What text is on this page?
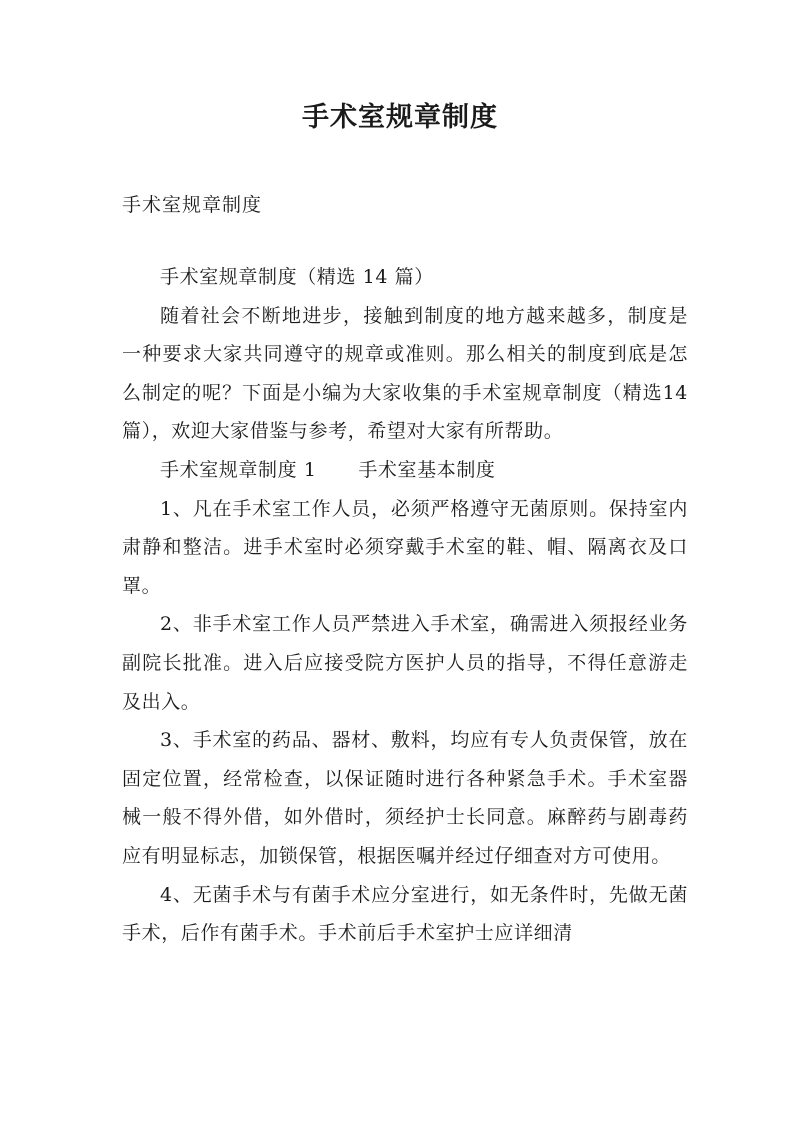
手术室规章制度
手术室规章制度

手术室规章制度（精选 14 篇）

随着社会不断地进步，接触到制度的地方越来越多，制度是一种要求大家共同遵守的规章或准则。那么相关的制度到底是怎么制定的呢？下面是小编为大家收集的手术室规章制度（精选14 篇），欢迎大家借鉴与参考，希望对大家有所帮助。

手术室规章制度 1 手术室基本制度

1、凡在手术室工作人员，必须严格遵守无菌原则。保持室内肃静和整洁。进手术室时必须穿戴手术室的鞋、帽、隔离衣及口罩。

2、非手术室工作人员严禁进入手术室，确需进入须报经业务副院长批准。进入后应接受院方医护人员的指导，不得任意游走及出入。

3、手术室的药品、器材、敷料，均应有专人负责保管，放在固定位置，经常检查，以保证随时进行各种紧急手术。手术室器械一般不得外借，如外借时，须经护士长同意。麻醉药与剧毒药应有明显标志，加锁保管，根据医嘱并经过仔细查对方可使用。

4、无菌手术与有菌手术应分室进行，如无条件时，先做无菌手术，后作有菌手术。手术前后手术室护士应详细清
